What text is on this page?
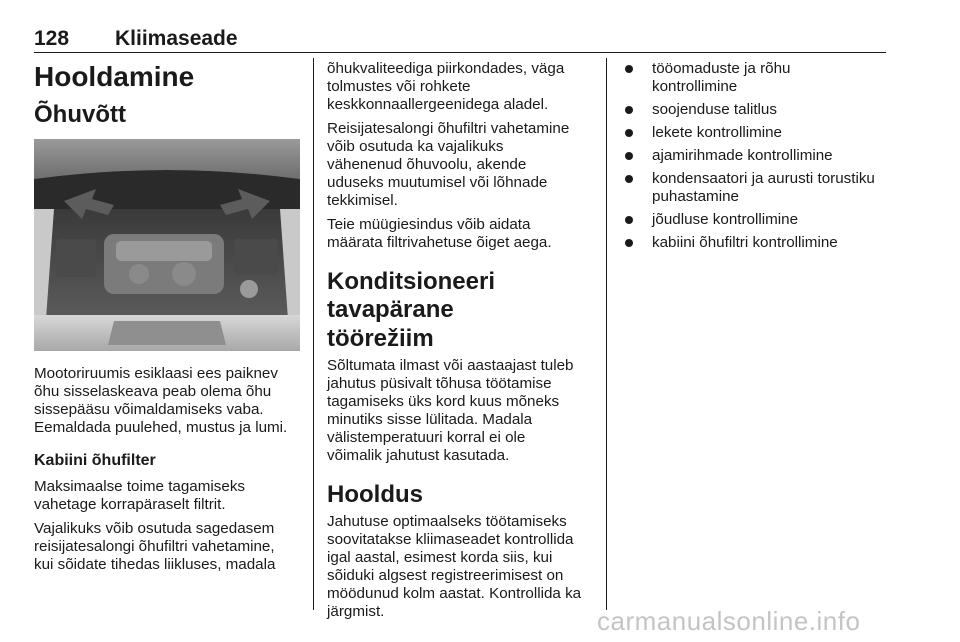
128 Kliimaseade
Hooldamine
Õhuvõtt

Mootoriruumis esiklaasi ees paiknev

õhu sisselaskeava peab olema õhu

sissepääsu võimaldamiseks vaba.

Eemaldada puulehed, mustus ja lumi.

Kabiini õhufilter

Maksimaalse toime tagamiseks

vahetage korrapäraselt filtrit.

Vajalikuks võib osutuda sagedasem

reisijatesalongi õhufiltri vahetamine,

kui sõidate tihedas liikluses, madala

õhukvaliteediga piirkondades, väga

tolmustes või rohkete

keskkonnaallergeenidega aladel.

Reisijatesalongi õhufiltri vahetamine

võib osutuda ka vajalikuks

vähenenud õhuvoolu, akende

uduseks muutumisel või lõhnade

tekkimisel.

Teie müügiesindus võib aidata

määrata filtrivahetuse õiget aega.

Konditsioneeri tavapärane
töörežiim

Sõltumata ilmast või aastaajast tuleb

jahutus püsivalt tõhusa töötamise

tagamiseks üks kord kuus mõneks

minutiks sisse lülitada. Madala

välistemperatuuri korral ei ole

võimalik jahutust kasutada.

Hooldus

Jahutuse optimaalseks töötamiseks

soovitatakse kliimaseadet kontrollida

igal aastal, esimest korda siis, kui

sõiduki algsest registreerimisest on

möödunud kolm aastat. Kontrollida ka

järgmist.

tööomaduste ja rõhu
kontrollimine
soojenduse talitlus
lekete kontrollimine
ajamirihmade kontrollimine
kondensaatori ja aurusti torustiku
puhastamine
jõudluse kontrollimine
kabiini õhufiltri kontrollimine
carmanualsonline.info
